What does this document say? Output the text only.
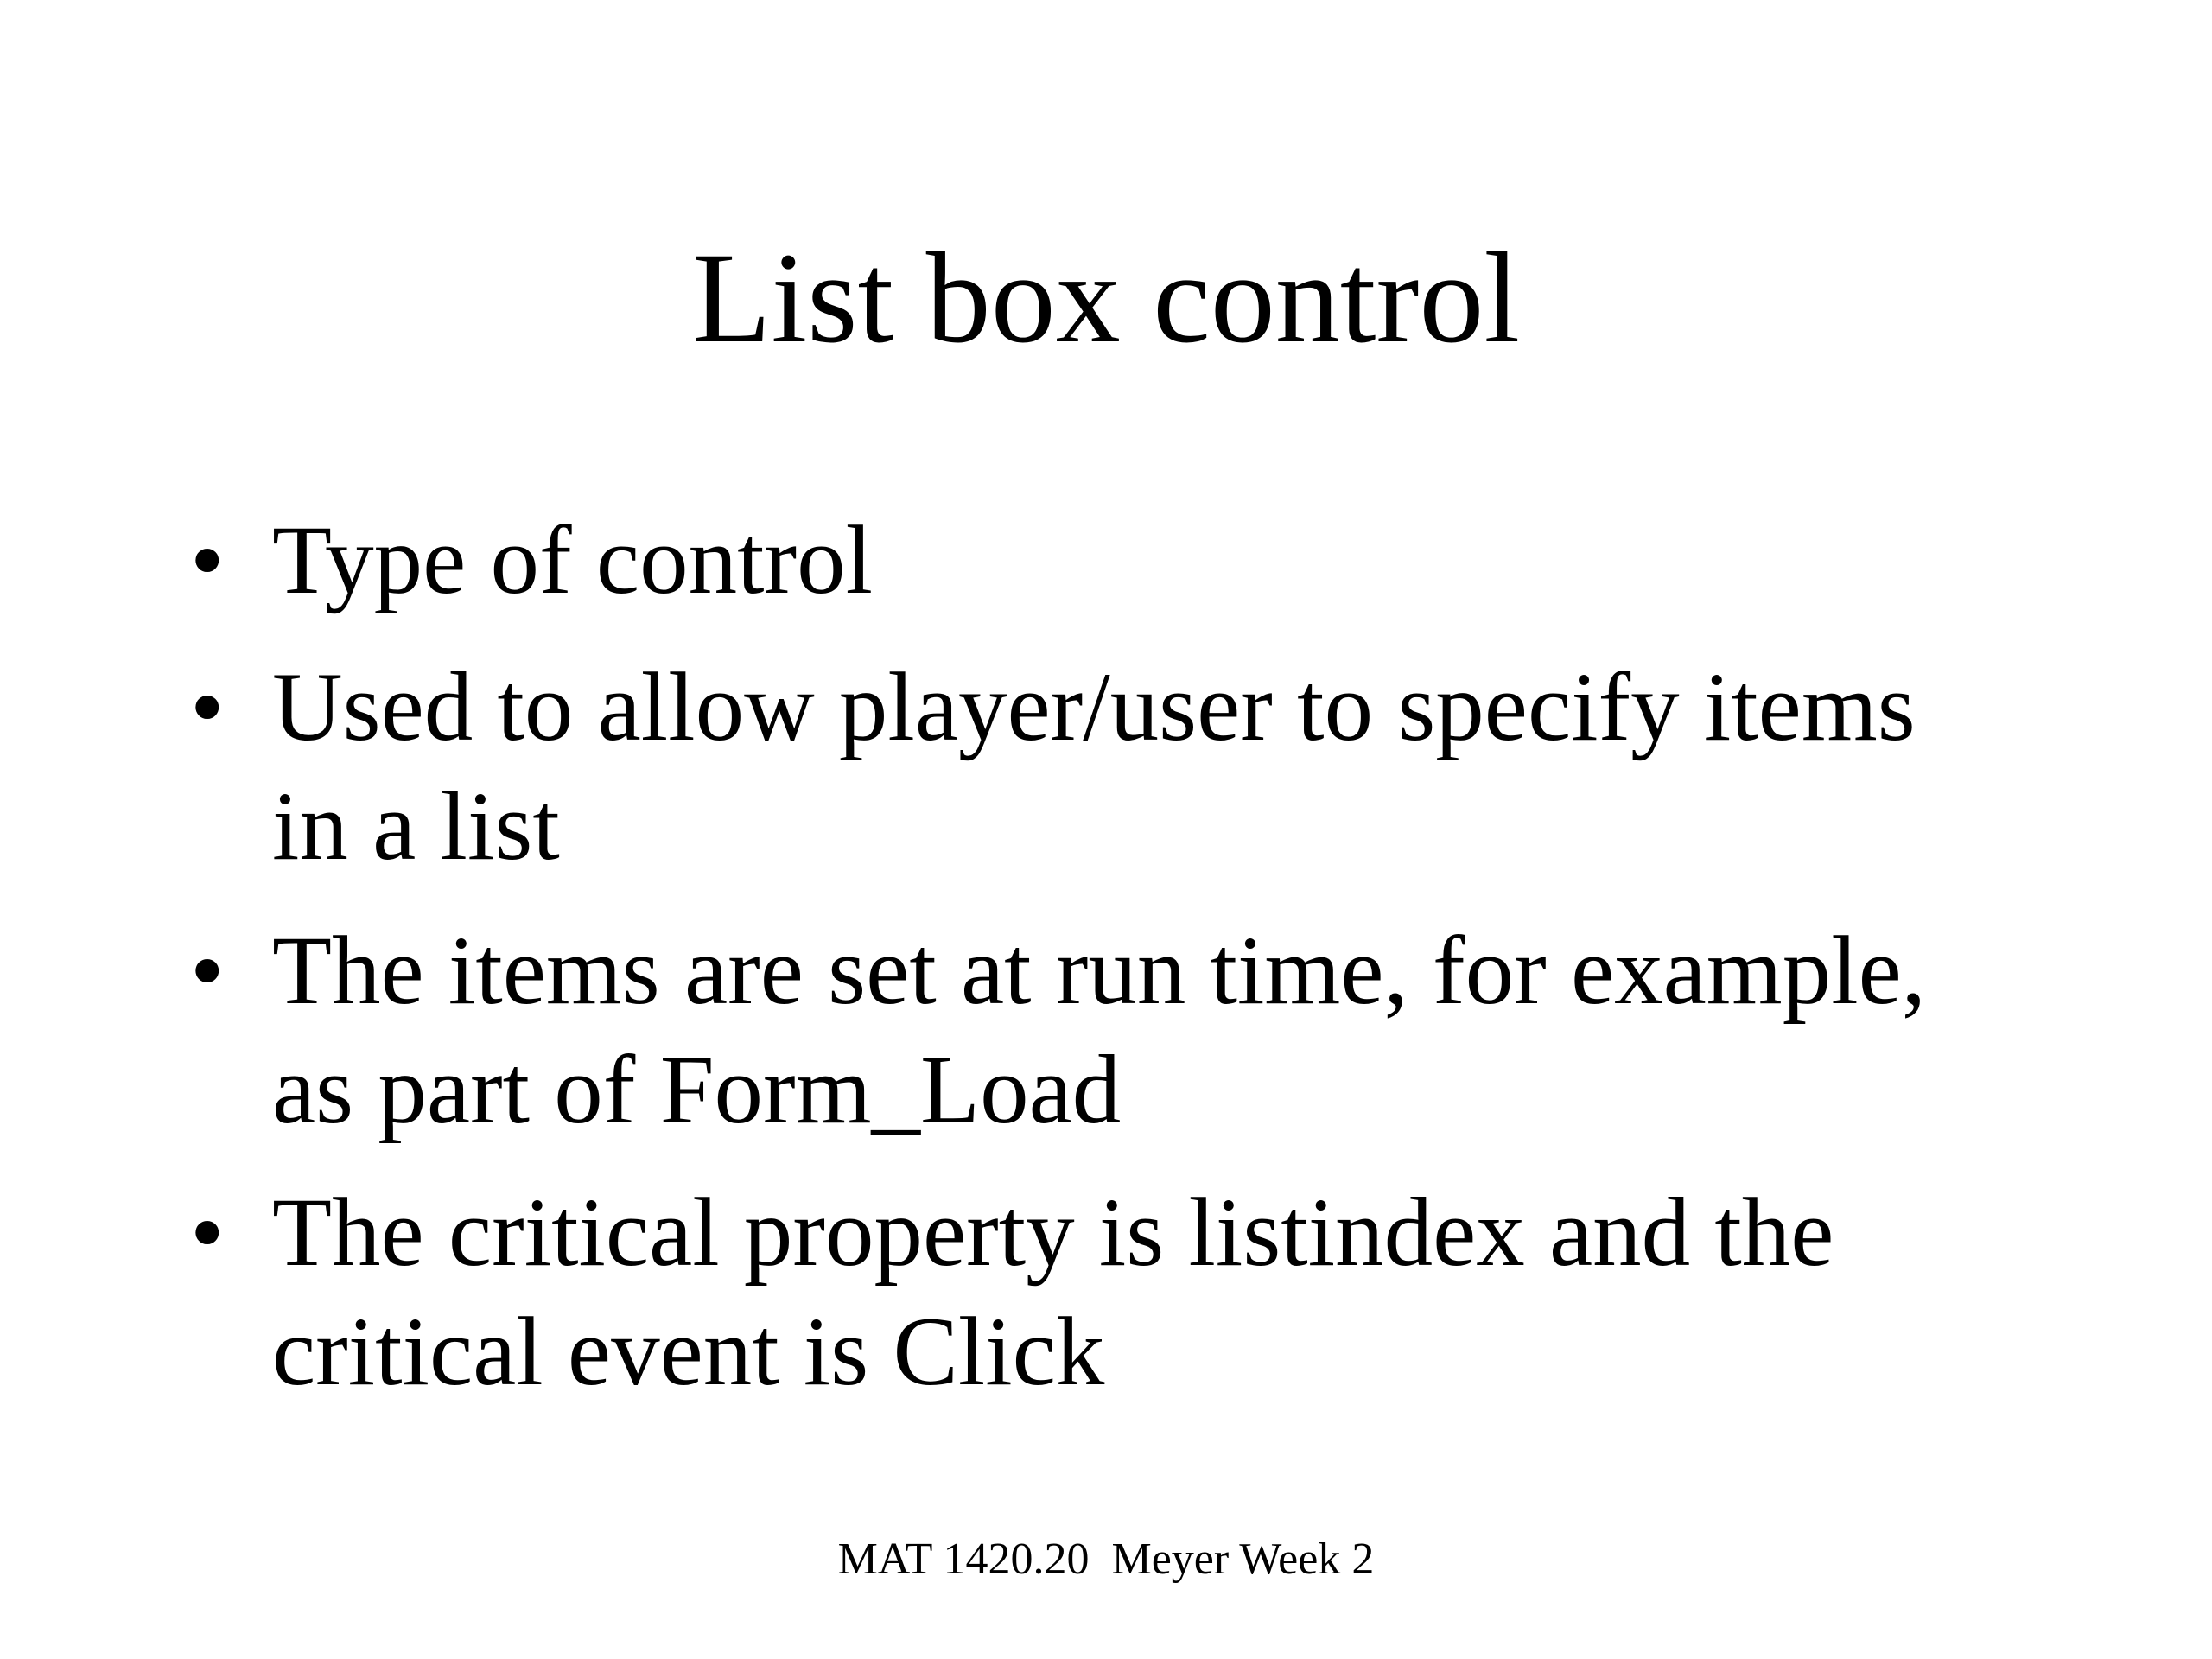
List box control
• Type of control
• Used to allow player/user to specify items
in a list
• The items are set at run time, for example,
as part of Form_Load
• The critical property is listindex and the
critical event is Click
MAT 1420.20  Meyer Week 2
